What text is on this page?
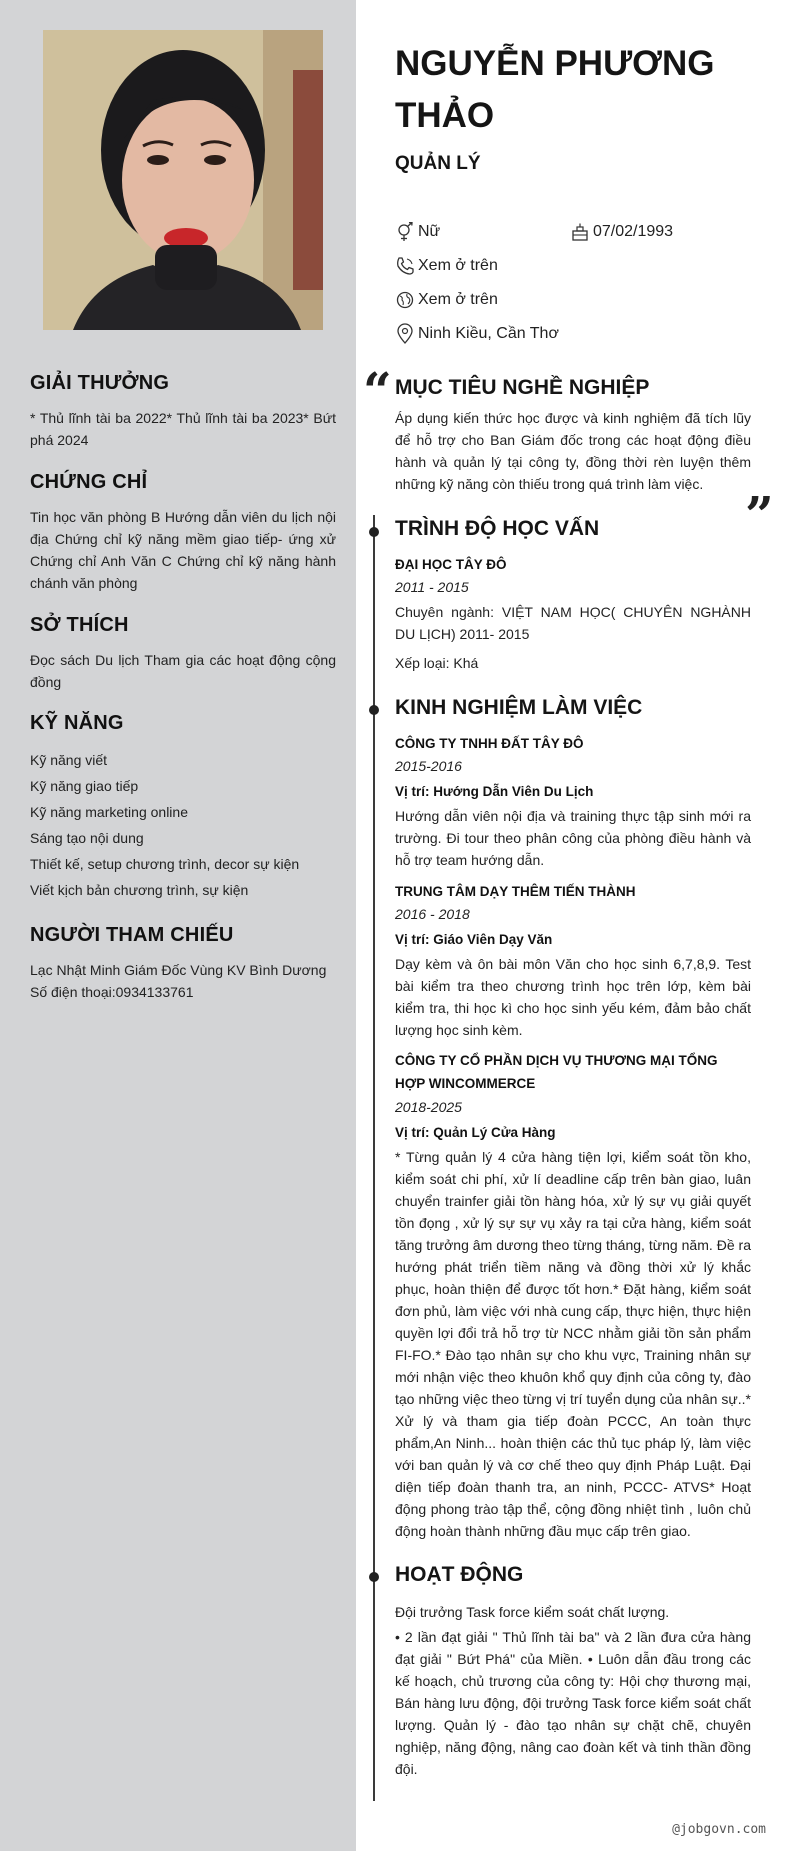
GIẢI THƯỞNG

* Thủ lĩnh tài ba 2022* Thủ lĩnh tài ba 2023* Bứt phá 2024

CHỨNG CHỈ

Tin học văn phòng B Hướng dẫn viên du lịch nội địa Chứng chỉ kỹ năng mềm giao tiếp- ứng xử Chứng chỉ Anh Văn C Chứng chỉ kỹ năng hành chánh văn phòng

SỞ THÍCH

Đọc sách Du lịch Tham gia các hoạt động cộng đồng

KỸ NĂNG
Kỹ năng viết
Kỹ năng giao tiếp
Kỹ năng marketing online
Sáng tạo nội dung
Thiết kế, setup chương trình, decor sự kiện
Viết kịch bản chương trình, sự kiện
NGƯỜI THAM CHIẾU
Lạc Nhật Minh Giám Đốc Vùng KV Bình Dương
Số điện thoại:0934133761
NGUYỄN PHƯƠNG THẢO
QUẢN LÝ
Nữ	07/02/1993
Xem ở trên
Xem ở trên
Ninh Kiều, Cần Thơ
“ MỤC TIÊU NGHỀ NGHIỆP
Áp dụng kiến thức học được và kinh nghiệm đã tích lũy để hỗ trợ cho Ban Giám đốc trong các hoạt động điều hành và quản lý tại công ty, đồng thời rèn luyện thêm những kỹ năng còn thiếu trong quá trình làm việc.
”
TRÌNH ĐỘ HỌC VẤN
ĐẠI HỌC TÂY ĐÔ
2011 - 2015
Chuyên ngành: VIỆT NAM HỌC( CHUYÊN NGHÀNH DU LỊCH) 2011- 2015
Xếp loại: Khá
KINH NGHIỆM LÀM VIỆC
CÔNG TY TNHH ĐẤT TÂY ĐÔ
2015-2016
Vị trí: Hướng Dẫn Viên Du Lịch
Hướng dẫn viên nội địa và training thực tập sinh mới ra trường. Đi tour theo phân công của phòng điều hành và hỗ trợ team hướng dẫn.
TRUNG TÂM DẠY THÊM TIẾN THÀNH
2016 - 2018
Vị trí: Giáo Viên Dạy Văn
Dạy kèm và ôn bài môn Văn cho học sinh 6,7,8,9. Test bài kiểm tra theo chương trình học trên lớp, kèm bài kiểm tra, thi học kì cho học sinh yếu kém, đảm bảo chất lượng học sinh kèm.
CÔNG TY CỔ PHẦN DỊCH VỤ THƯƠNG MẠI TỔNG HỢP WINCOMMERCE
2018-2025
Vị trí: Quản Lý Cửa Hàng
* Từng quản lý 4 cửa hàng tiện lợi, kiểm soát tồn kho, kiểm soát chi phí, xử lí deadline cấp trên bàn giao, luân chuyển trainfer giải tồn hàng hóa, xử lý sự vụ giải quyết tồn đọng , xử lý sự sự vụ xảy ra tại cửa hàng, kiểm soát tăng trưởng âm dương theo từng tháng, từng năm. Đề ra hướng phát triển tiềm năng và đồng thời xử lý khắc phục, hoàn thiện để được tốt hơn.* Đặt hàng, kiểm soát đơn phủ, làm việc với nhà cung cấp, thực hiện, thực hiện quyền lợi đổi trả hỗ trợ từ NCC nhằm giải tồn sản phẩm FI-FO.* Đào tạo nhân sự cho khu vực, Training nhân sự mới nhận việc theo khuôn khổ quy định của công ty, đào tạo những việc theo từng vị trí tuyển dụng của nhân sự..* Xử lý và tham gia tiếp đoàn PCCC, An toàn thực phẩm,An Ninh... hoàn thiện các thủ tục pháp lý, làm việc với ban quản lý và cơ chế theo quy định Pháp Luật. Đại diện tiếp đoàn thanh tra, an ninh, PCCC- ATVS* Hoạt động phong trào tập thể, cộng đồng nhiệt tình , luôn chủ động hoàn thành những đầu mục cấp trên giao.
HOẠT ĐỘNG
Đội trưởng Task force kiểm soát chất lượng.
• 2 lần đạt giải " Thủ lĩnh tài ba" và 2 lần đưa cửa hàng đạt giải " Bứt Phá" của Miền. • Luôn dẫn đầu trong các kế hoạch, chủ trương của công ty: Hội chợ thương mại, Bán hàng lưu động, đội trưởng Task force kiểm soát chất lượng. Quản lý - đào tạo nhân sự chặt chẽ, chuyên nghiệp, năng động, nâng cao đoàn kết và tinh thần đồng đội.
@jobgovn.com
